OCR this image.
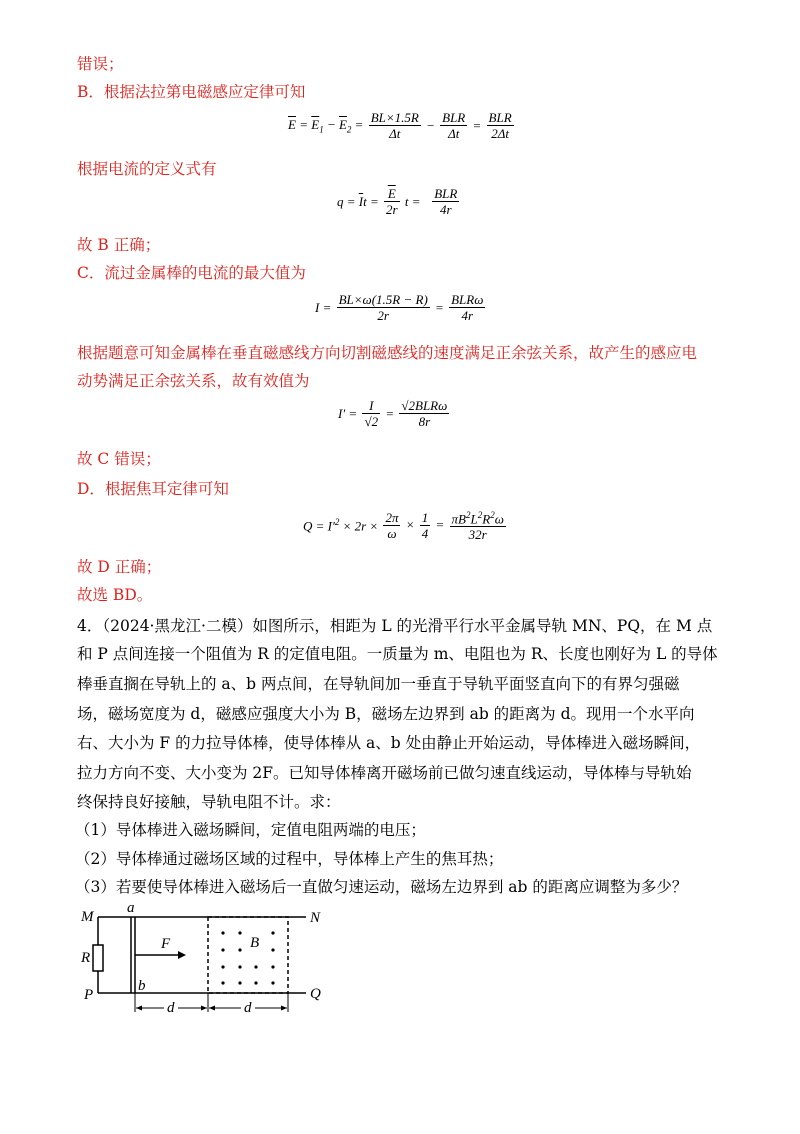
错误；
B．根据法拉第电磁感应定律可知
$\overline{E} = \overline{E}_1 - \overline{E}_2 = \frac{BL\times 1.5R}{\Delta t} - \frac{\text{BLR}}{\Delta t} = \frac{\text{BLR}}{2\Delta t}$
根据电流的定义式有
$q = \overline{I}t = \frac{\overline{E}}{2r}$ $t = \frac{\text{BLR}}{4r}$
故 B 正确；
C．流过金属棒的电流的最大值为
$I = \frac{BL\times\omega(1.5R - R)}{2r} = \frac{\text{BLRω}}{4r}$
根据题意可知金属棒在垂直磁感线方向切割磁感线的速度满足正余弦关系，故产生的感应电
动势满足正余弦关系，故有效值为
$I' = \frac{I}{√2} = \frac{\text{√2BLRω}}{8r}$
故 C 错误；
D．根据焦耳定律可知
$Q = I'^2 \times 2r \times \frac{2\pi}{\omega} \times \frac{1}{4} = \frac{\pi B^2L^2R^2\omega}{32r}$
故 D 正确；
故选 BD。
4．（2024·黑龙江·二模）如图所示，相距为 L 的光滑平行水平金属导轨 MN、PQ，在 M 点
和 P 点间连接一个阻值为 R 的定值电阻。一质量为 m、电阻也为 R、长度也刚好为 L 的导体
棒垂直搁在导轨上的 a、b 两点间，在导轨间加一垂直于导轨平面竖直向下的有界匀强磁
场，磁场宽度为 d，磁感应强度大小为 B，磁场左边界到 ab 的距离为 d。现用一个水平向
右、大小为 F 的力拉导体棒，使导体棒从 a、b 处由静止开始运动，导体棒进入磁场瞬间，
拉力方向不变、大小变为 2F。已知导体棒离开磁场前已做匀速直线运动，导体棒与导轨始
终保持良好接触，导轨电阻不计。求：
（1）导体棒进入磁场瞬间，定值电阻两端的电压；
（2）导体棒通过磁场区域的过程中，导体棒上产生的焦耳热；
（3）若要使导体棒进入磁场后一直做匀速运动，磁场左边界到 ab 的距离应调整为多少？
M	N
P	Q
a
b
R
F	B
d	d
